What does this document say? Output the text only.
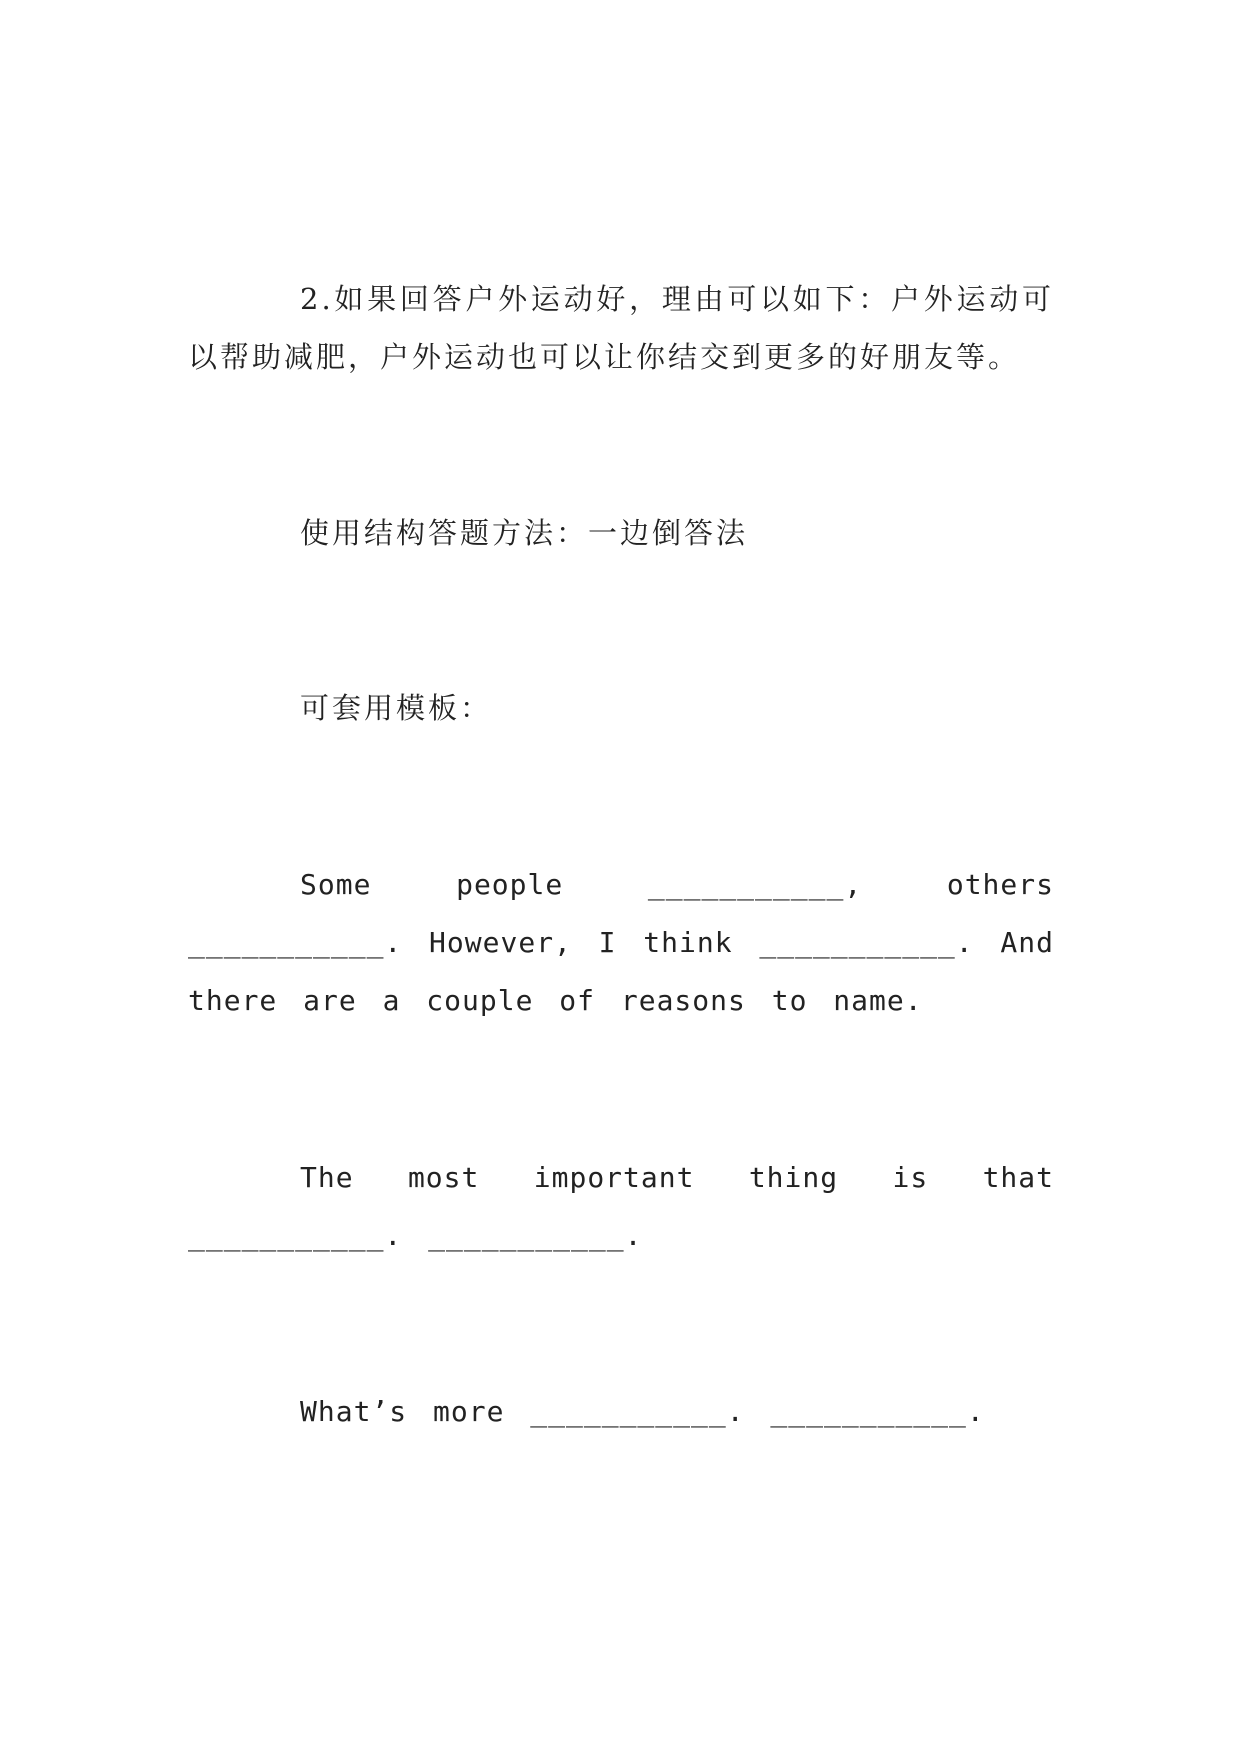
2.如果回答户外运动好，理由可以如下：户外运动可以帮助减肥，户外运动也可以让你结交到更多的好朋友等。

使用结构答题方法：一边倒答法

可套用模板：

Some people ___________, others ___________. However, I think ___________. And there are a couple of reasons to name.

The most important thing is that ___________. ___________.

What’s more ___________. ___________.
